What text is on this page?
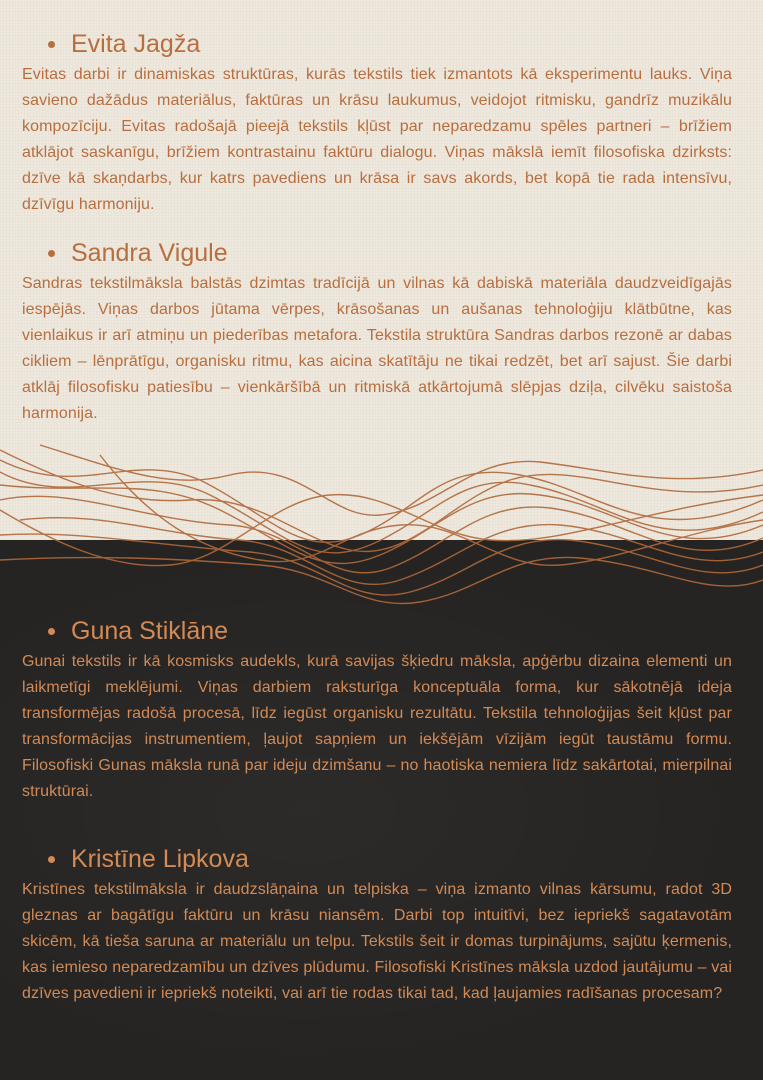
Evita Jagža

Evitas darbi ir dinamiskas struktūras, kurās tekstils tiek izmantots kā eksperimentu lauks. Viņa savieno dažādus materiālus, faktūras un krāsu laukumus, veidojot ritmisku, gandrīz muzikālu kompozīciju. Evitas radošajā pieejā tekstils kļūst par neparedzamu spēles partneri – brīžiem atklājot saskanīgu, brīžiem kontrastainu faktūru dialogu. Viņas mākslā iemīt filosofiska dzirksts: dzīve kā skaņdarbs, kur katrs pavediens un krāsa ir savs akords, bet kopā tie rada intensīvu, dzīvīgu harmoniju.

Sandra Vigule

Sandras tekstilmāksla balstās dzimtas tradīcijā un vilnas kā dabiskā materiāla daudzveidīgajās iespējās. Viņas darbos jūtama vērpes, krāsošanas un aušanas tehnoloģiju klātbūtne, kas vienlaikus ir arī atmiņu un piederības metafora. Tekstila struktūra Sandras darbos rezonē ar dabas cikliem – lēnprātīgu, organisku ritmu, kas aicina skatītāju ne tikai redzēt, bet arī sajust. Šie darbi atklāj filosofisku patiesību – vienkāršībā un ritmiskā atkārtojumā slēpjas dziļa, cilvēku saistoša harmonija.

Guna Stiklāne

Gunai tekstils ir kā kosmisks audekls, kurā savijas šķiedru māksla, apģērbu dizaina elementi un laikmetīgi meklējumi. Viņas darbiem raksturīga konceptuāla forma, kur sākotnējā ideja transformējas radošā procesā, līdz iegūst organisku rezultātu. Tekstila tehnoloģijas šeit kļūst par transformācijas instrumentiem, ļaujot sapņiem un iekšējām vīzijām iegūt taustāmu formu. Filosofiski Gunas māksla runā par ideju dzimšanu – no haotiska nemiera līdz sakārtotai, mierpilnai struktūrai.

Kristīne Lipkova

Kristīnes tekstilmāksla ir daudzslāņaina un telpiska – viņa izmanto vilnas kārsumu, radot 3D gleznas ar bagātīgu faktūru un krāsu niansēm. Darbi top intuitīvi, bez iepriekš sagatavotām skicēm, kā tieša saruna ar materiālu un telpu. Tekstils šeit ir domas turpinājums, sajūtu ķermenis, kas iemieso neparedzamību un dzīves plūdumu. Filosofiski Kristīnes māksla uzdod jautājumu – vai dzīves pavedieni ir iepriekš noteikti, vai arī tie rodas tikai tad, kad ļaujamies radīšanas procesam?
